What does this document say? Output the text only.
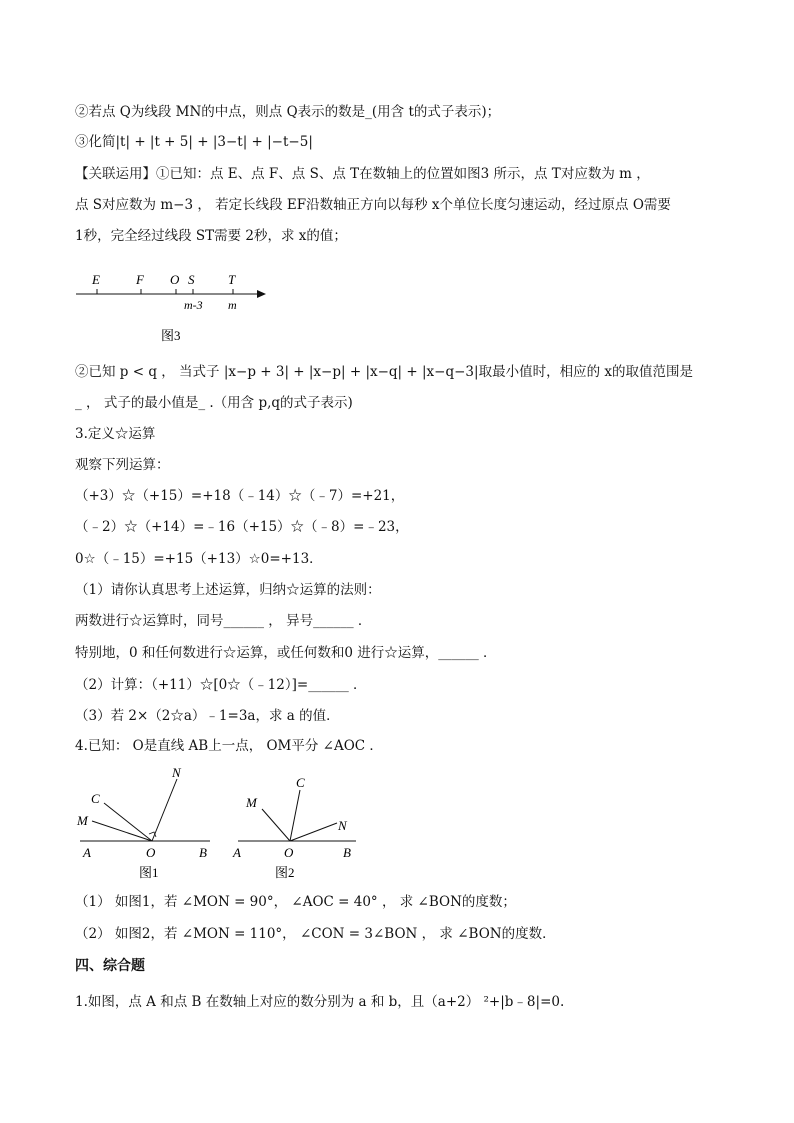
②若点 Q为线段 MN的中点，则点 Q表示的数是_(用含 t的式子表示)；
③化简|t| + |t + 5| + |3−t| + |−t−5|
【关联运用】①已知：点 E、点 F、点 S、点 T在数轴上的位置如图3 所示，点 T对应数为 m ，
点 S对应数为 m−3 ， 若定长线段 EF沿数轴正方向以每秒 x个单位长度匀速运动，经过原点 O需要
1秒，完全经过线段 ST需要 2秒，求 x的值；
E	F O S	T
m-3 m
图3
②已知 p < q ， 当式子 |x−p + 3| + |x−p| + |x−q| + |x−q−3|取最小值时，相应的 x的取值范围是
_ ， 式子的最小值是_ .（用含 p,q的式子表示)
3.定义☆运算
观察下列运算：
（+3）☆（+15）=+18（﹣14）☆（﹣7）=+21，
（﹣2）☆（+14）=﹣16（+15）☆（﹣8）=﹣23，
0☆（﹣15）=+15（+13）☆0=+13．
（1）请你认真思考上述运算，归纳☆运算的法则：
两数进行☆运算时，同号______ ， 异号______ ．
特别地，0 和任何数进行☆运算，或任何数和0 进行☆运算，______ ．
（2）计算：（+11）☆[0☆（﹣12）]=______ ．
（3）若 2×（2☆a）﹣1=3a，求 a 的值．
4.已知： O是直线 AB上一点， OM平分 ∠AOC ．
N
C
M
A	O	B
图1
M
C
N
A	O	B
图2
（1） 如图1，若 ∠MON = 90°， ∠AOC = 40° ， 求 ∠BON的度数；
（2） 如图2，若 ∠MON = 110°， ∠CON = 3∠BON ， 求 ∠BON的度数．
四、综合题
1.如图，点 A 和点 B 在数轴上对应的数分别为 a 和 b，且（a+2） ²+|b﹣8|=0.
